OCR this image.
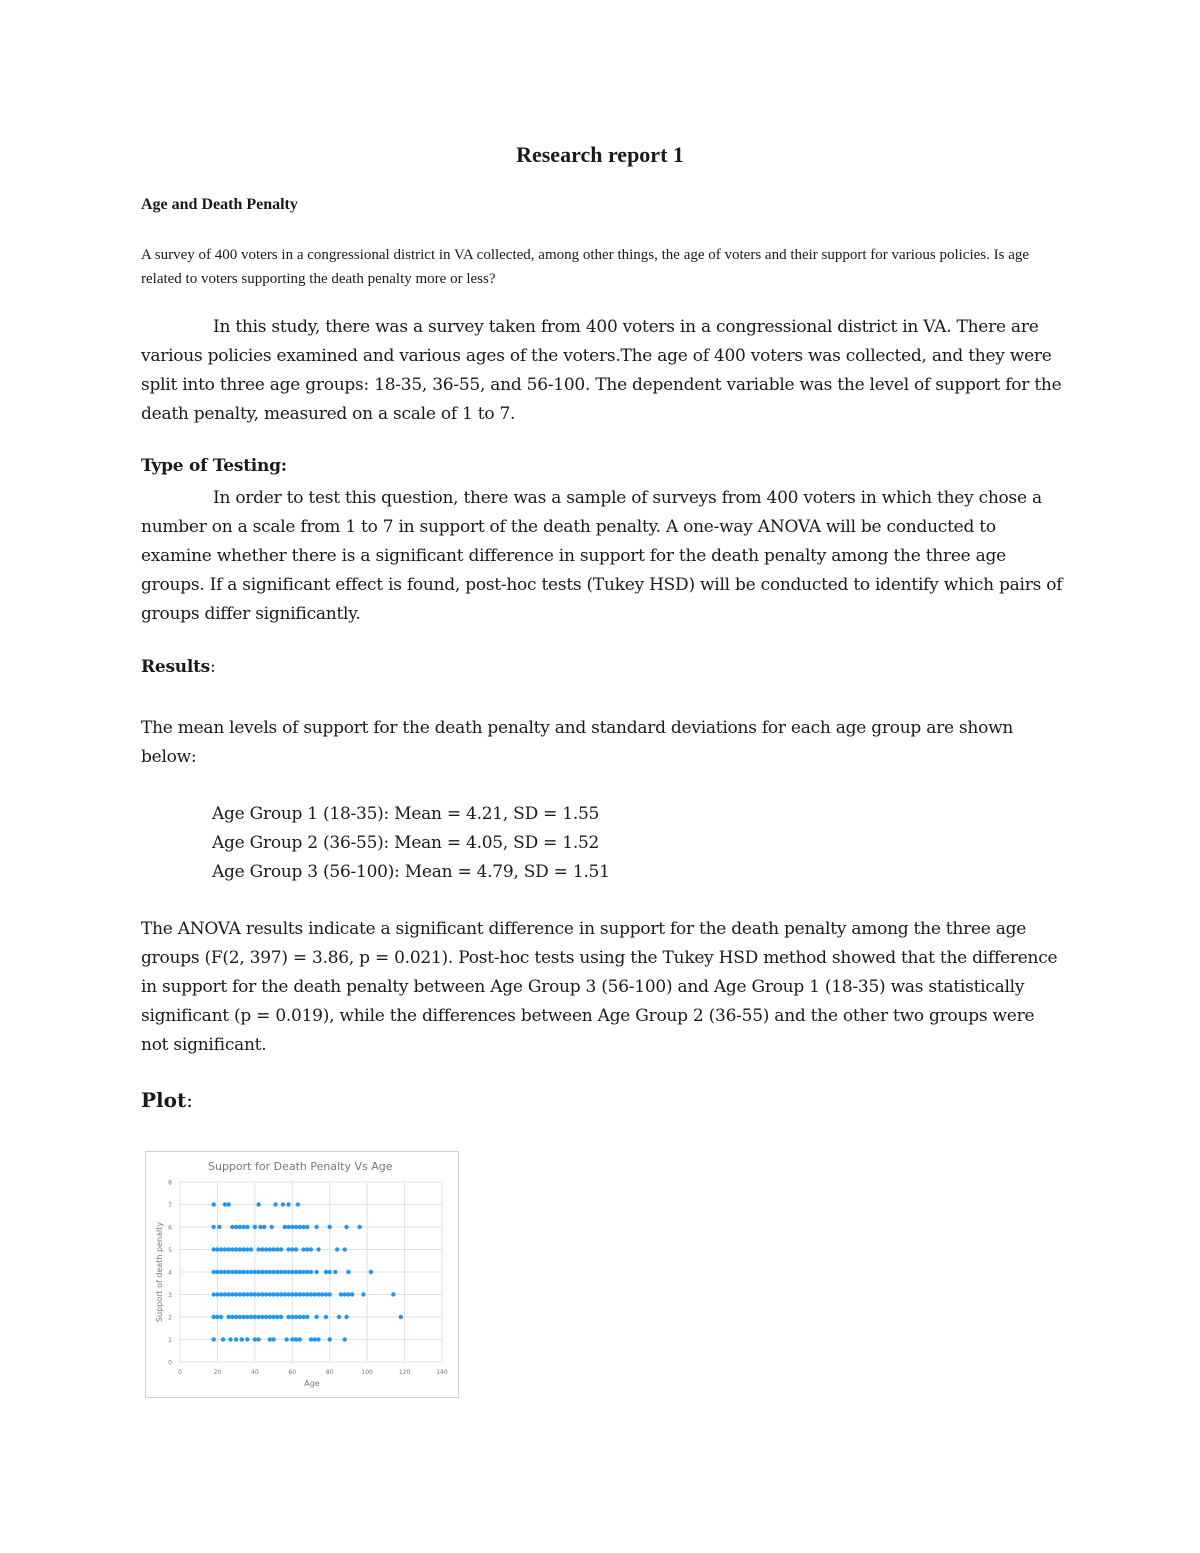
Research report 1
Age and Death Penalty
A survey of 400 voters in a congressional district in VA collected, among other things, the age of voters and their support for various policies. Is age related to voters supporting the death penalty more or less?

In this study, there was a survey taken from 400 voters in a congressional district in VA. There are various policies examined and various ages of the voters.The age of 400 voters was collected, and they were split into three age groups: 18-35, 36-55, and 56-100. The dependent variable was the level of support for the death penalty, measured on a scale of 1 to 7.

Type of Testing:

In order to test this question, there was a sample of surveys from 400 voters in which they chose a number on a scale from 1 to 7 in support of the death penalty. A one-way ANOVA will be conducted to examine whether there is a significant difference in support for the death penalty among the three age groups. If a significant effect is found, post-hoc tests (Tukey HSD) will be conducted to identify which pairs of groups differ significantly.

Results:

The mean levels of support for the death penalty and standard deviations for each age group are shown below:

Age Group 1 (18-35): Mean = 4.21, SD = 1.55
Age Group 2 (36-55): Mean = 4.05, SD = 1.52
Age Group 3 (56-100): Mean = 4.79, SD = 1.51

The ANOVA results indicate a significant difference in support for the death penalty among the three age groups (F(2, 397) = 3.86, p = 0.021). Post-hoc tests using the Tukey HSD method showed that the difference in support for the death penalty between Age Group 3 (56-100) and Age Group 1 (18-35) was statistically significant (p = 0.019), while the differences between Age Group 2 (36-55) and the other two groups were not significant.

Plot:
Support for Death Penalty Vs Age
0
1
2
3
4
5
6
7
8
0	20	40	60	80	100	120	140
Age
Support of death penalty
